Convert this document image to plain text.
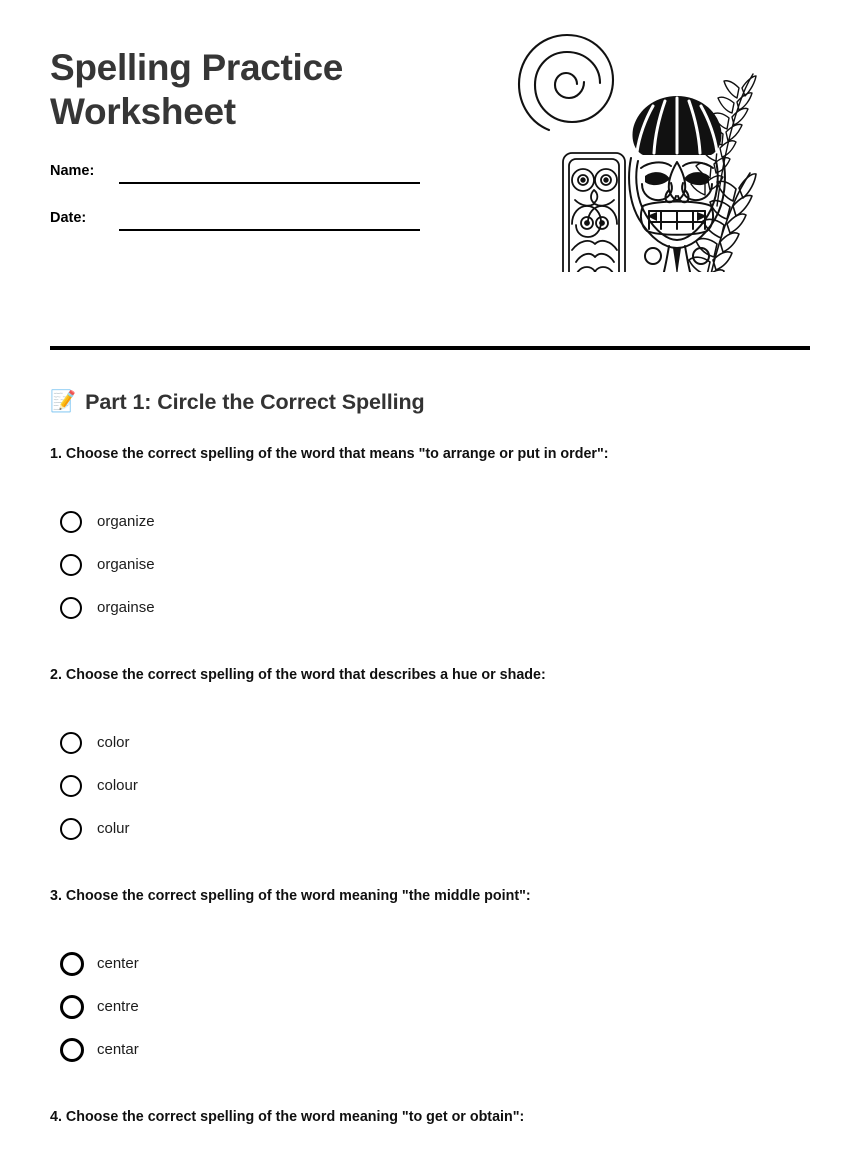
Spelling Practice Worksheet
Name:
Date:
📝 Part 1: Circle the Correct Spelling
1. Choose the correct spelling of the word that means "to arrange or put in order":
organize
organise
orgainse
2. Choose the correct spelling of the word that describes a hue or shade:
color
colour
colur
3. Choose the correct spelling of the word meaning "the middle point":
center
centre
centar
4. Choose the correct spelling of the word meaning "to get or obtain":
